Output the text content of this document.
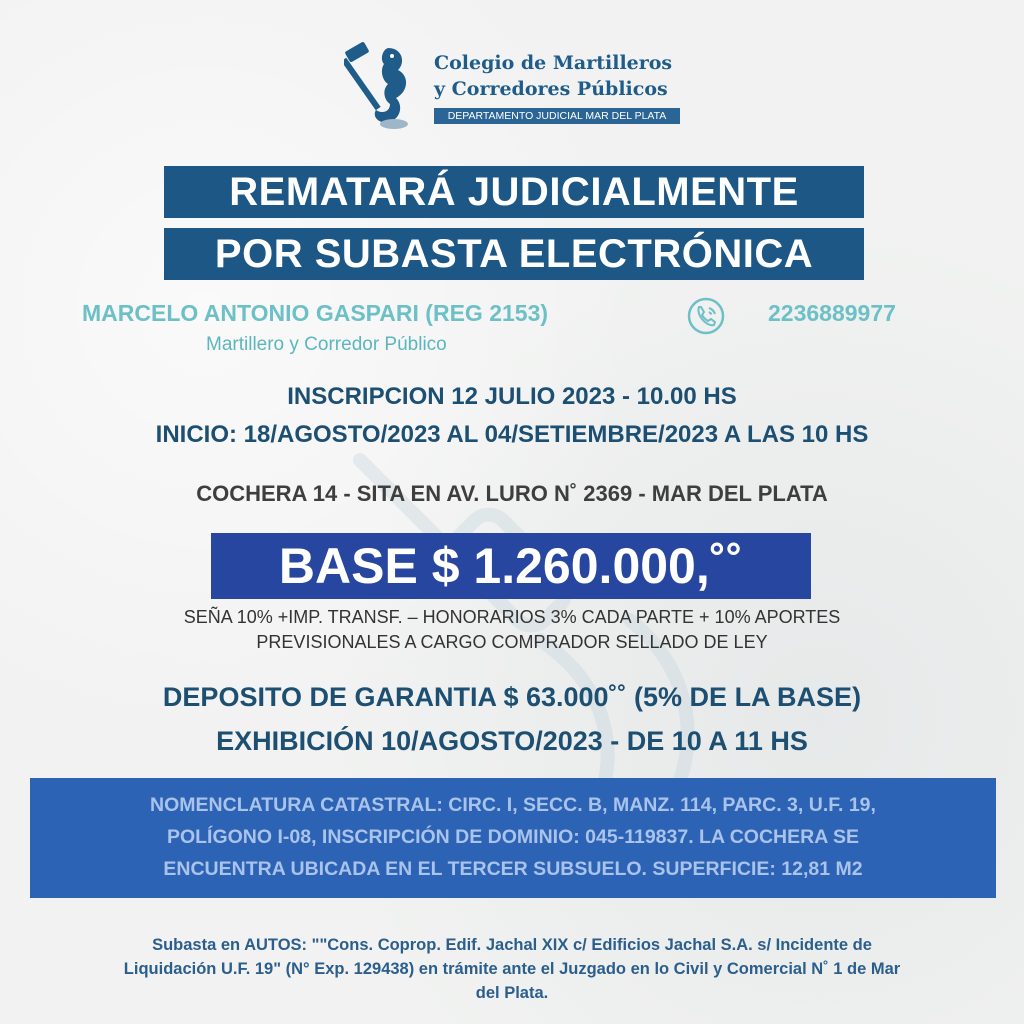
Colegio de Martilleros
y Corredores Públicos
DEPARTAMENTO JUDICIAL MAR DEL PLATA
REMATARÁ JUDICIALMENTE
POR SUBASTA ELECTRÓNICA
MARCELO ANTONIO GASPARI (REG 2153)	2236889977
Martillero y Corredor Público
INSCRIPCION 12 JULIO 2023 - 10.00 HS
INICIO: 18/AGOSTO/2023 AL 04/SETIEMBRE/2023 A LAS 10 HS
COCHERA 14 - SITA EN AV. LURO N˚ 2369 - MAR DEL PLATA
BASE $ 1.260.000,˚˚
SEÑA 10% +IMP. TRANSF. – HONORARIOS 3% CADA PARTE + 10% APORTES
PREVISIONALES A CARGO COMPRADOR SELLADO DE LEY
DEPOSITO DE GARANTIA $ 63.000˚˚ (5% DE LA BASE)
EXHIBICIÓN 10/AGOSTO/2023 - DE 10 A 11 HS
NOMENCLATURA CATASTRAL: CIRC. I, SECC. B, MANZ. 114, PARC. 3, U.F. 19,
POLÍGONO I-08, INSCRIPCIÓN DE DOMINIO: 045-119837. LA COCHERA SE
ENCUENTRA UBICADA EN EL TERCER SUBSUELO. SUPERFICIE: 12,81 M2
Subasta en AUTOS: ""Cons. Coprop. Edif. Jachal XIX c/ Edificios Jachal S.A. s/ Incidente de
Liquidación U.F. 19" (N° Exp. 129438) en trámite ante el Juzgado en lo Civil y Comercial N˚ 1 de Mar
del Plata.
